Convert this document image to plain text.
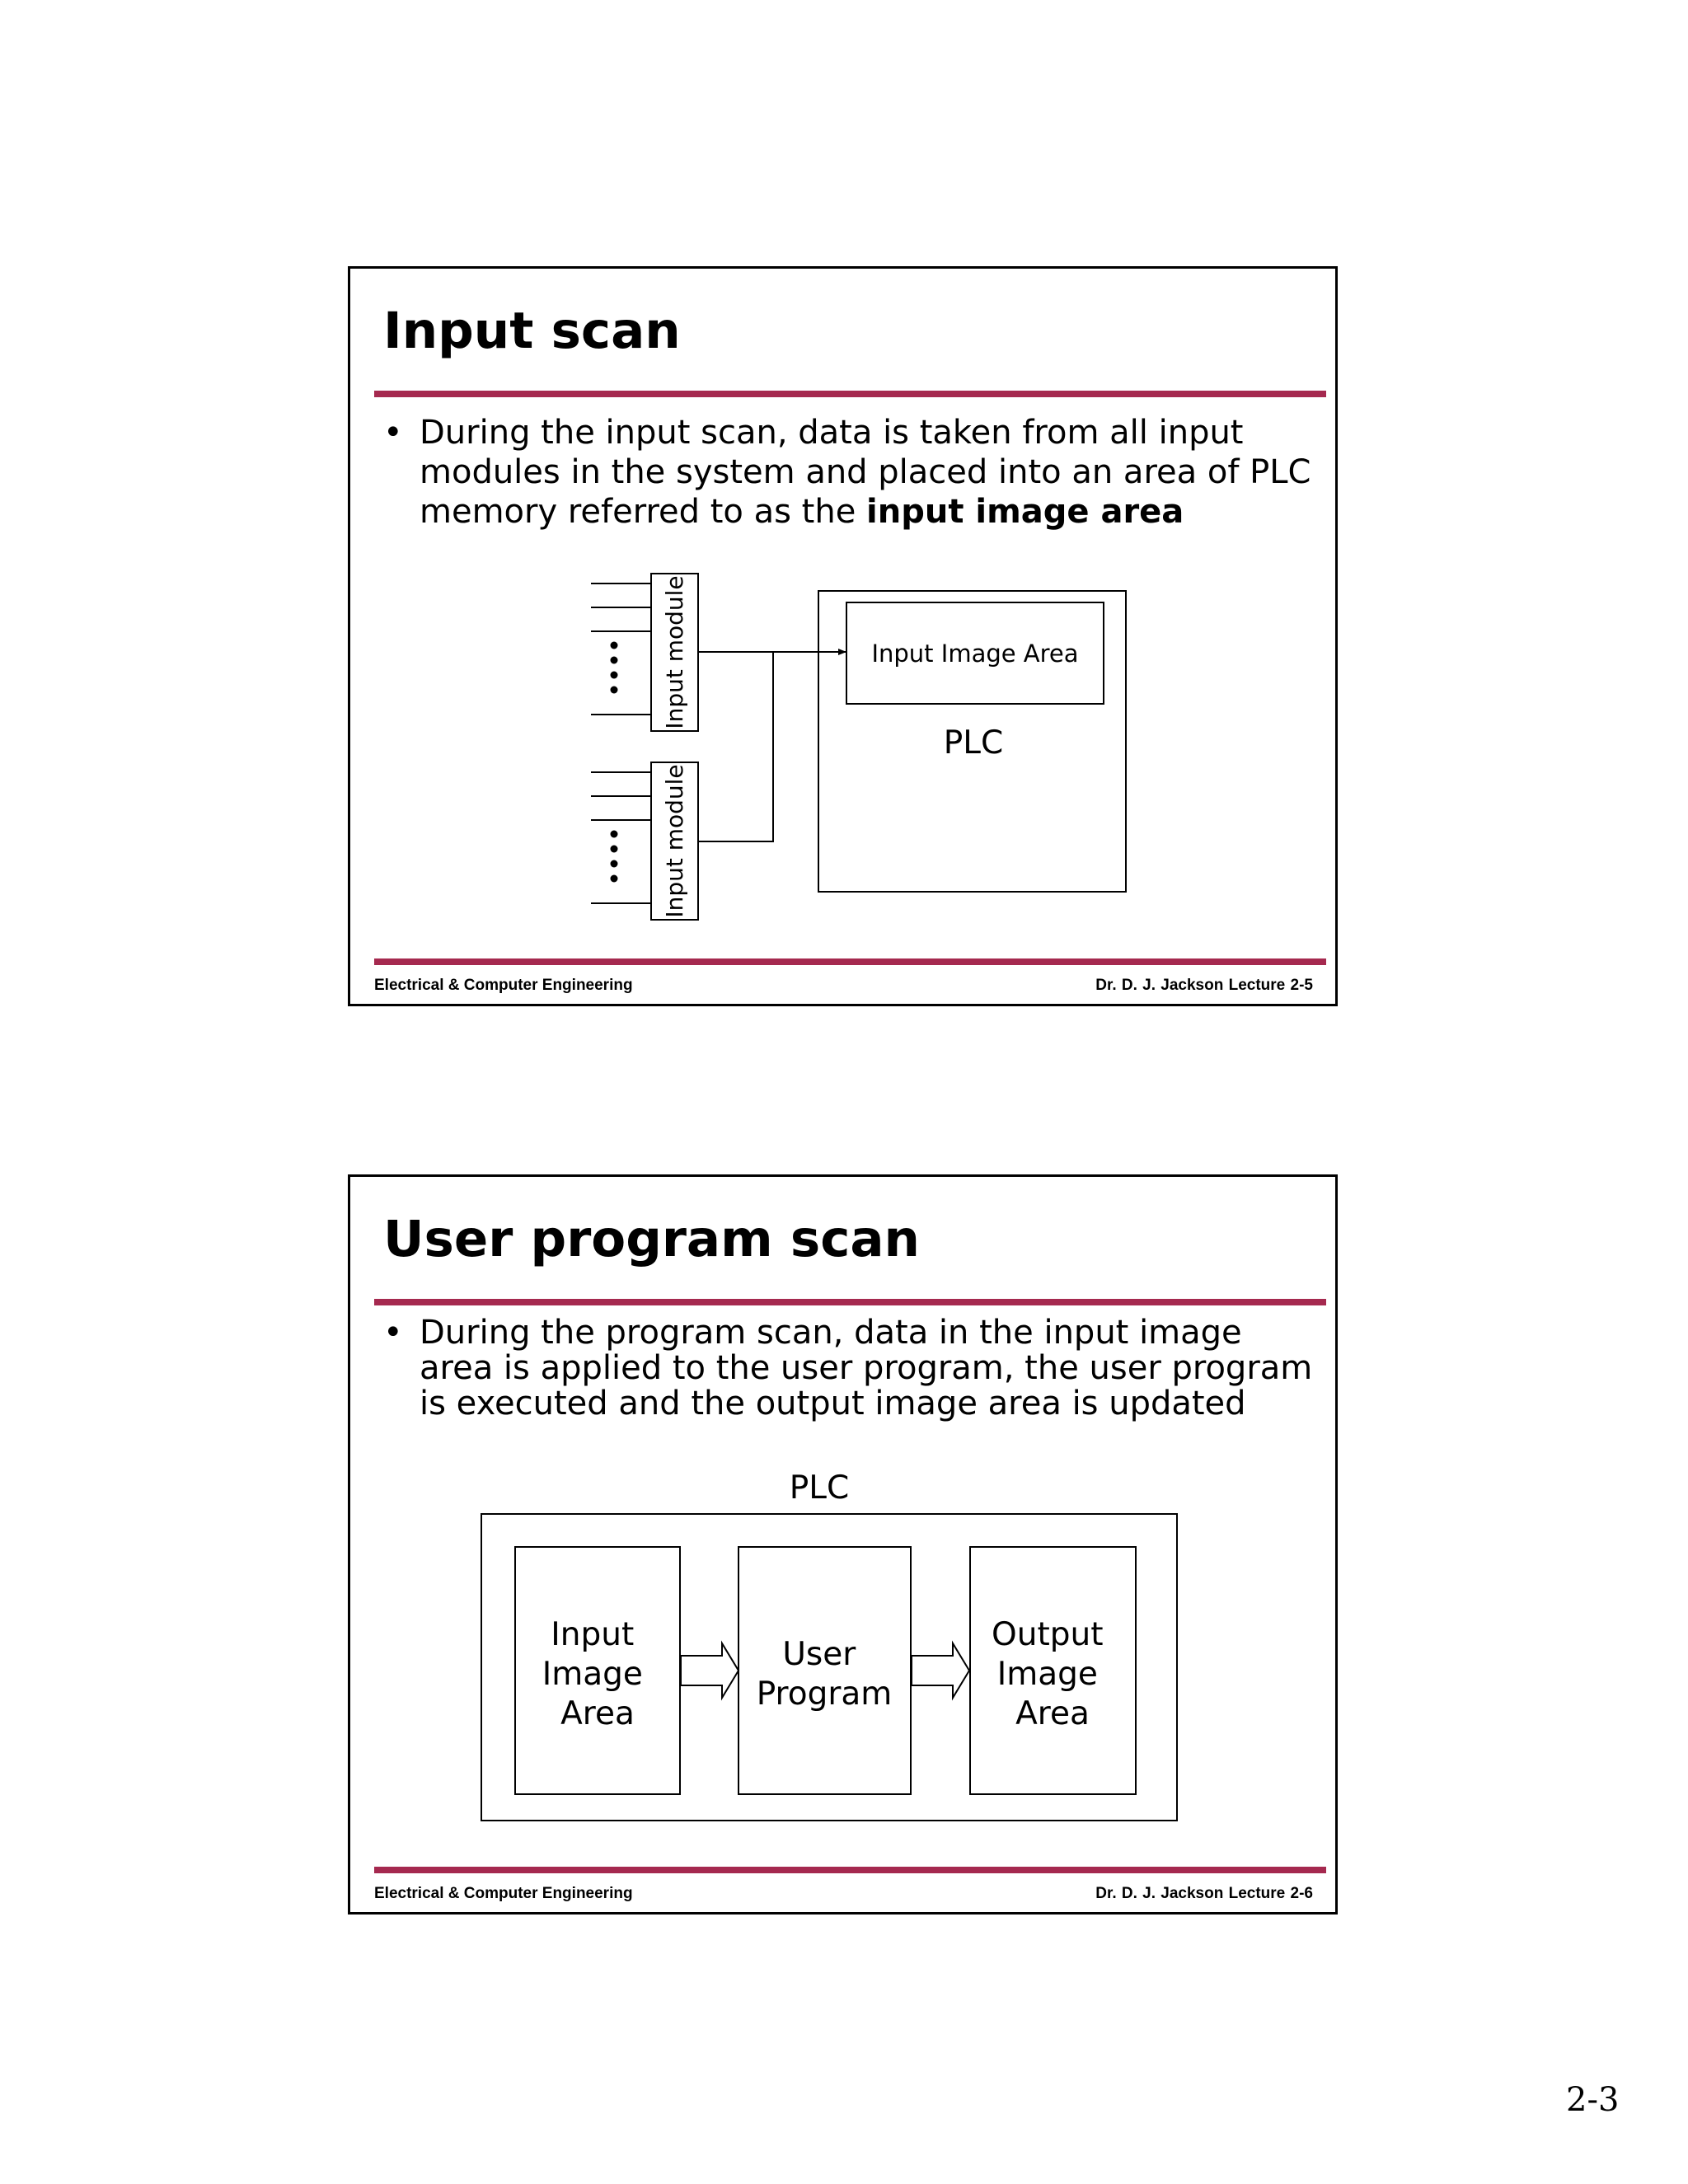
Input scan
• During the input scan, data is taken from all input modules in the system and placed into an area of PLC memory referred to as the input image area
Input module
Input module
Input Image Area
PLC
Electrical & Computer Engineering	Dr. D. J. Jackson Lecture 2-5
User program scan
• During the program scan, data in the input image area is applied to the user program, the user program is executed and the output image area is updated
PLC
Input Image Area
User Program
Output Image Area
Electrical & Computer Engineering	Dr. D. J. Jackson Lecture 2-6
2-3
